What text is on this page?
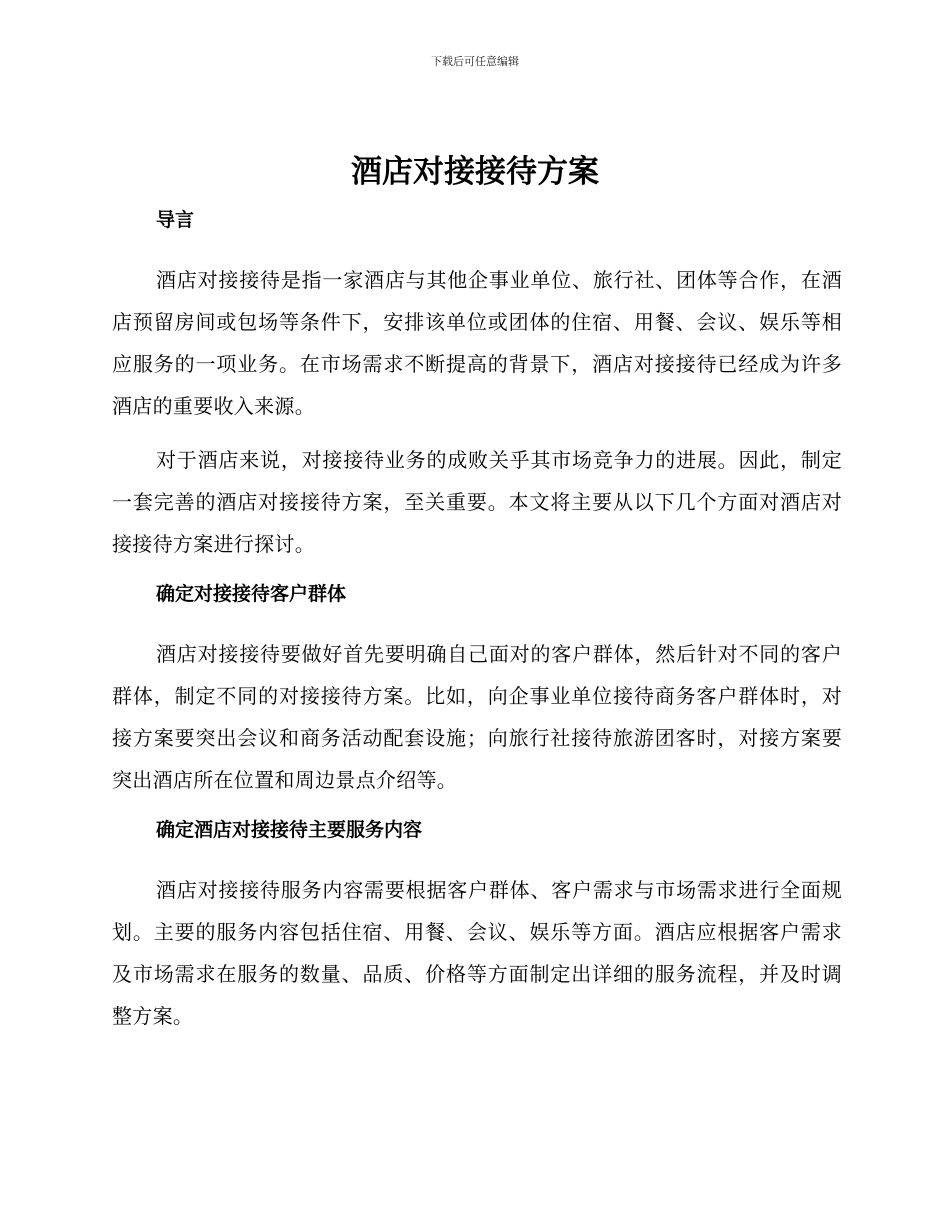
下载后可任意编辑
酒店对接接待方案
导言

酒店对接接待是指一家酒店与其他企事业单位、旅行社、团体等合作，在酒店预留房间或包场等条件下，安排该单位或团体的住宿、用餐、会议、娱乐等相应服务的一项业务。在市场需求不断提高的背景下，酒店对接接待已经成为许多酒店的重要收入来源。

对于酒店来说，对接接待业务的成败关乎其市场竞争力的进展。因此，制定一套完善的酒店对接接待方案，至关重要。本文将主要从以下几个方面对酒店对接接待方案进行探讨。

确定对接接待客户群体

酒店对接接待要做好首先要明确自己面对的客户群体，然后针对不同的客户群体，制定不同的对接接待方案。比如，向企事业单位接待商务客户群体时，对接方案要突出会议和商务活动配套设施；向旅行社接待旅游团客时，对接方案要突出酒店所在位置和周边景点介绍等。

确定酒店对接接待主要服务内容

酒店对接接待服务内容需要根据客户群体、客户需求与市场需求进行全面规划。主要的服务内容包括住宿、用餐、会议、娱乐等方面。酒店应根据客户需求及市场需求在服务的数量、品质、价格等方面制定出详细的服务流程，并及时调整方案。
